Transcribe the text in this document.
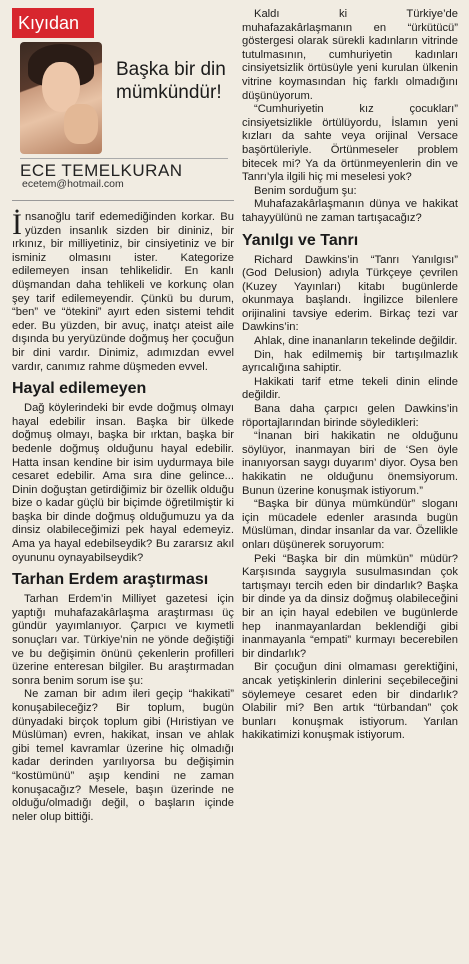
Kıyıdan
Başka bir din mümkündür!
ECE TEMELKURAN
ecetem@hotmail.com

İnsanoğlu tarif edemediğinden korkar. Bu yüzden insanlık sizden bir dininiz, bir ırkınız, bir milliyetiniz, bir cinsiyetiniz ve bir isminiz olmasını ister. Kategorize edilemeyen insan tehlikelidir. En kanlı düşmandan daha tehlikeli ve korkunç olan şey tarif edilemeyendir. Çünkü bu durum, “ben” ve “ötekini” ayırt eden sistemi tehdit eder. Bu yüzden, bir avuç, inatçı ateist aile dışında bu yeryüzünde doğmuş her çocuğun bir dini vardır. Dinimiz, adımızdan evvel vardır, canımız rahme düşmeden evvel.

Hayal edilemeyen

Dağ köylerindeki bir evde doğmuş olmayı hayal edebilir insan. Başka bir ülkede doğmuş olmayı, başka bir ırktan, başka bir bedenle doğmuş olduğunu hayal edebilir. Hatta insan kendine bir isim uydurmaya bile cesaret edebilir. Ama sıra dine gelince... Dinin doğuştan getirdiğimiz bir özellik olduğu bize o kadar güçlü bir biçimde öğretilmiştir ki başka bir dinde doğmuş olduğumuzu ya da dinsiz olabileceğimizi pek hayal edemeyiz. Ama ya hayal edebilseydik? Bu zararsız akıl oyununu oynayabilseydik?

Tarhan Erdem araştırması

Tarhan Erdem’in Milliyet gazetesi için yaptığı muhafazakârlaşma araştırması üç gündür yayımlanıyor. Çarpıcı ve kıymetli sonuçları var. Türkiye’nin ne yönde değiştiği ve bu değişimin önünü çekenlerin profilleri üzerine enteresan bilgiler. Bu araştırmadan sonra benim sorum ise şu:

Ne zaman bir adım ileri geçip “hakikati” konuşabileceğiz? Bir toplum, bugün dünyadaki birçok toplum gibi (Hıristiyan ve Müslüman) evren, hakikat, insan ve ahlak gibi temel kavramlar üzerine hiç olmadığı kadar derinden yarılıyorsa bu değişimin “kostümünü” aşıp kendini ne zaman konuşacağız? Mesele, başın üzerinde ne olduğu/olmadığı değil, o başların içinde neler olup bittiği.

Kaldı ki Türkiye’de muhafazakârlaşmanın en “ürkütücü” göstergesi olarak sürekli kadınların vitrinde tutulmasının, cumhuriyetin kadınları cinsiyetsizlik örtüsüyle yeni kurulan ülkenin vitrine koymasından hiç farklı olmadığını düşünüyorum.

“Cumhuriyetin kız çocukları” cinsiyetsizlikle örtülüyordu, İslamın yeni kızları da sahte veya orijinal Versace başörtüleriyle. Örtünmeseler problem bitecek mi? Ya da örtünmeyenlerin din ve Tanrı’yla ilgili hiç mi meselesi yok?

Benim sorduğum şu:

Muhafazakârlaşmanın dünya ve hakikat tahayyülünü ne zaman tartışacağız?

Yanılgı ve Tanrı

Richard Dawkins’in “Tanrı Yanılgısı” (God Delusion) adıyla Türkçeye çevrilen (Kuzey Yayınları) kitabı bugünlerde okunmaya başlandı. İngilizce bilenlere orijinalini tavsiye ederim. Birkaç tezi var Dawkins’in:

Ahlak, dine inananların tekelinde değildir.

Din, hak edilmemiş bir tartışılmazlık ayrıcalığına sahiptir.

Hakikati tarif etme tekeli dinin elinde değildir.

Bana daha çarpıcı gelen Dawkins’in röportajlarından birinde söyledikleri:

“İnanan biri hakikatin ne olduğunu söylüyor, inanmayan biri de ‘Sen öyle inanıyorsan saygı duyarım’ diyor. Oysa ben hakikatin ne olduğunu önemsiyorum. Bunun üzerine konuşmak istiyorum.”

“Başka bir dünya mümkündür” sloganı için mücadele edenler arasında bugün Müslüman, dindar insanlar da var. Özellikle onları düşünerek soruyorum:

Peki “Başka bir din mümkün” müdür? Karşısında saygıyla susulmasından çok tartışmayı tercih eden bir dindarlık? Başka bir dinde ya da dinsiz doğmuş olabileceğini bir an için hayal edebilen ve bugünlerde hep inanmayanlardan beklendiği gibi inanmayanla “empati” kurmayı becerebilen bir dindarlık?

Bir çocuğun dini olmaması gerektiğini, ancak yetişkinlerin dinlerini seçebileceğini söylemeye cesaret eden bir dindarlık? Olabilir mi? Ben artık “türbandan” çok bunları konuşmak istiyorum. Yarılan hakikatimizi konuşmak istiyorum.
